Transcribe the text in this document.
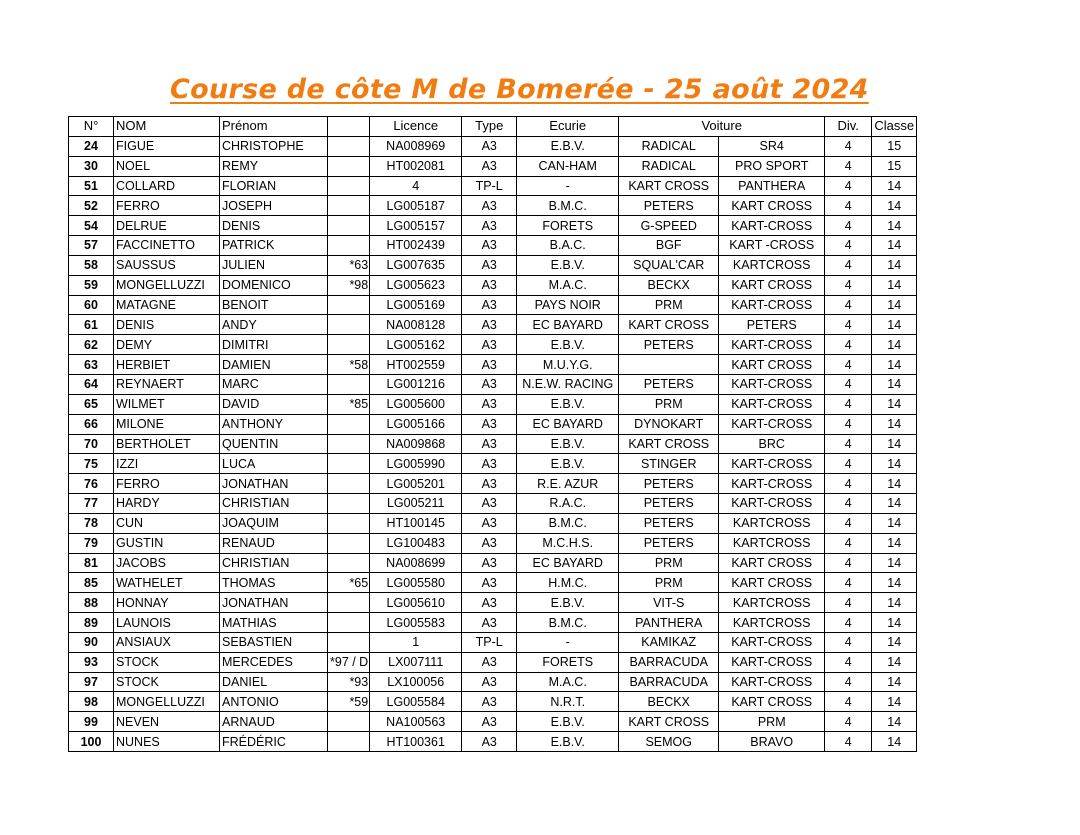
Course de côte M de Bomerée - 25 août 2024
N°	NOM	Prénom		Licence	Type	Ecurie	Voiture		Div.	Classe
24	FIGUE	CHRISTOPHE		NA008969	A3	E.B.V.	RADICAL	SR4	4	15
30	NOEL	REMY		HT002081	A3	CAN-HAM	RADICAL	PRO SPORT	4	15
51	COLLARD	FLORIAN		4	TP-L	-	KART CROSS	PANTHERA	4	14
52	FERRO	JOSEPH		LG005187	A3	B.M.C.	PETERS	KART CROSS	4	14
54	DELRUE	DENIS		LG005157	A3	FORETS	G-SPEED	KART-CROSS	4	14
57	FACCINETTO	PATRICK		HT002439	A3	B.A.C.	BGF	KART -CROSS	4	14
58	SAUSSUS	JULIEN	*63	LG007635	A3	E.B.V.	SQUAL'CAR	KARTCROSS	4	14
59	MONGELLUZZI	DOMENICO	*98	LG005623	A3	M.A.C.	BECKX	KART CROSS	4	14
60	MATAGNE	BENOIT		LG005169	A3	PAYS NOIR	PRM	KART-CROSS	4	14
61	DENIS	ANDY		NA008128	A3	EC BAYARD	KART CROSS	PETERS	4	14
62	DEMY	DIMITRI		LG005162	A3	E.B.V.	PETERS	KART-CROSS	4	14
63	HERBIET	DAMIEN	*58	HT002559	A3	M.U.Y.G.		KART CROSS	4	14
64	REYNAERT	MARC		LG001216	A3	N.E.W. RACING	PETERS	KART-CROSS	4	14
65	WILMET	DAVID	*85	LG005600	A3	E.B.V.	PRM	KART-CROSS	4	14
66	MILONE	ANTHONY		LG005166	A3	EC BAYARD	DYNOKART	KART-CROSS	4	14
70	BERTHOLET	QUENTIN		NA009868	A3	E.B.V.	KART CROSS	BRC	4	14
75	IZZI	LUCA		LG005990	A3	E.B.V.	STINGER	KART-CROSS	4	14
76	FERRO	JONATHAN		LG005201	A3	R.E. AZUR	PETERS	KART-CROSS	4	14
77	HARDY	CHRISTIAN		LG005211	A3	R.A.C.	PETERS	KART-CROSS	4	14
78	CUN	JOAQUIM		HT100145	A3	B.M.C.	PETERS	KARTCROSS	4	14
79	GUSTIN	RENAUD		LG100483	A3	M.C.H.S.	PETERS	KARTCROSS	4	14
81	JACOBS	CHRISTIAN		NA008699	A3	EC BAYARD	PRM	KART CROSS	4	14
85	WATHELET	THOMAS	*65	LG005580	A3	H.M.C.	PRM	KART CROSS	4	14
88	HONNAY	JONATHAN		LG005610	A3	E.B.V.	VIT-S	KARTCROSS	4	14
89	LAUNOIS	MATHIAS		LG005583	A3	B.M.C.	PANTHERA	KARTCROSS	4	14
90	ANSIAUX	SEBASTIEN		1	TP-L	-	KAMIKAZ	KART-CROSS	4	14
93	STOCK	MERCEDES	*97 / D	LX007111	A3	FORETS	BARRACUDA	KART-CROSS	4	14
97	STOCK	DANIEL	*93	LX100056	A3	M.A.C.	BARRACUDA	KART-CROSS	4	14
98	MONGELLUZZI	ANTONIO	*59	LG005584	A3	N.R.T.	BECKX	KART CROSS	4	14
99	NEVEN	ARNAUD		NA100563	A3	E.B.V.	KART CROSS	PRM	4	14
100	NUNES	FRÉDÉRIC		HT100361	A3	E.B.V.	SEMOG	BRAVO	4	14
